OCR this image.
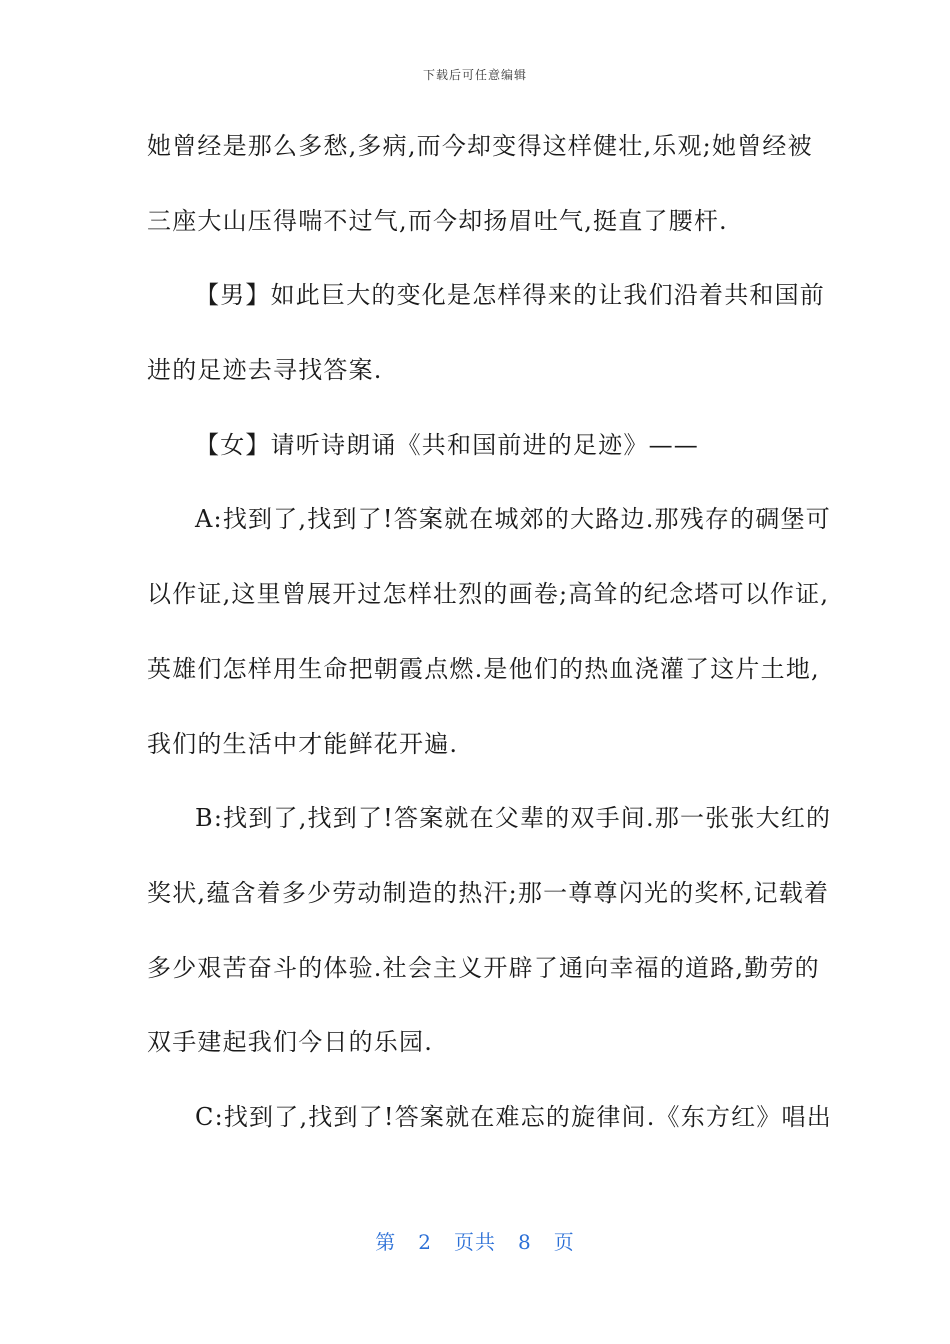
下载后可任意编辑
她曾经是那么多愁,多病,而今却变得这样健壮,乐观;她曾经被
三座大山压得喘不过气,而今却扬眉吐气,挺直了腰杆.
【男】如此巨大的变化是怎样得来的让我们沿着共和国前
进的足迹去寻找答案.
【女】请听诗朗诵《共和国前进的足迹》——
A:找到了,找到了!答案就在城郊的大路边.那残存的碉堡可
以作证,这里曾展开过怎样壮烈的画卷;高耸的纪念塔可以作证,
英雄们怎样用生命把朝霞点燃.是他们的热血浇灌了这片土地,
我们的生活中才能鲜花开遍.
B:找到了,找到了!答案就在父辈的双手间.那一张张大红的
奖状,蕴含着多少劳动制造的热汗;那一尊尊闪光的奖杯,记载着
多少艰苦奋斗的体验.社会主义开辟了通向幸福的道路,勤劳的
双手建起我们今日的乐园.
C:找到了,找到了!答案就在难忘的旋律间.《东方红》唱出
第 2 页共 8 页
